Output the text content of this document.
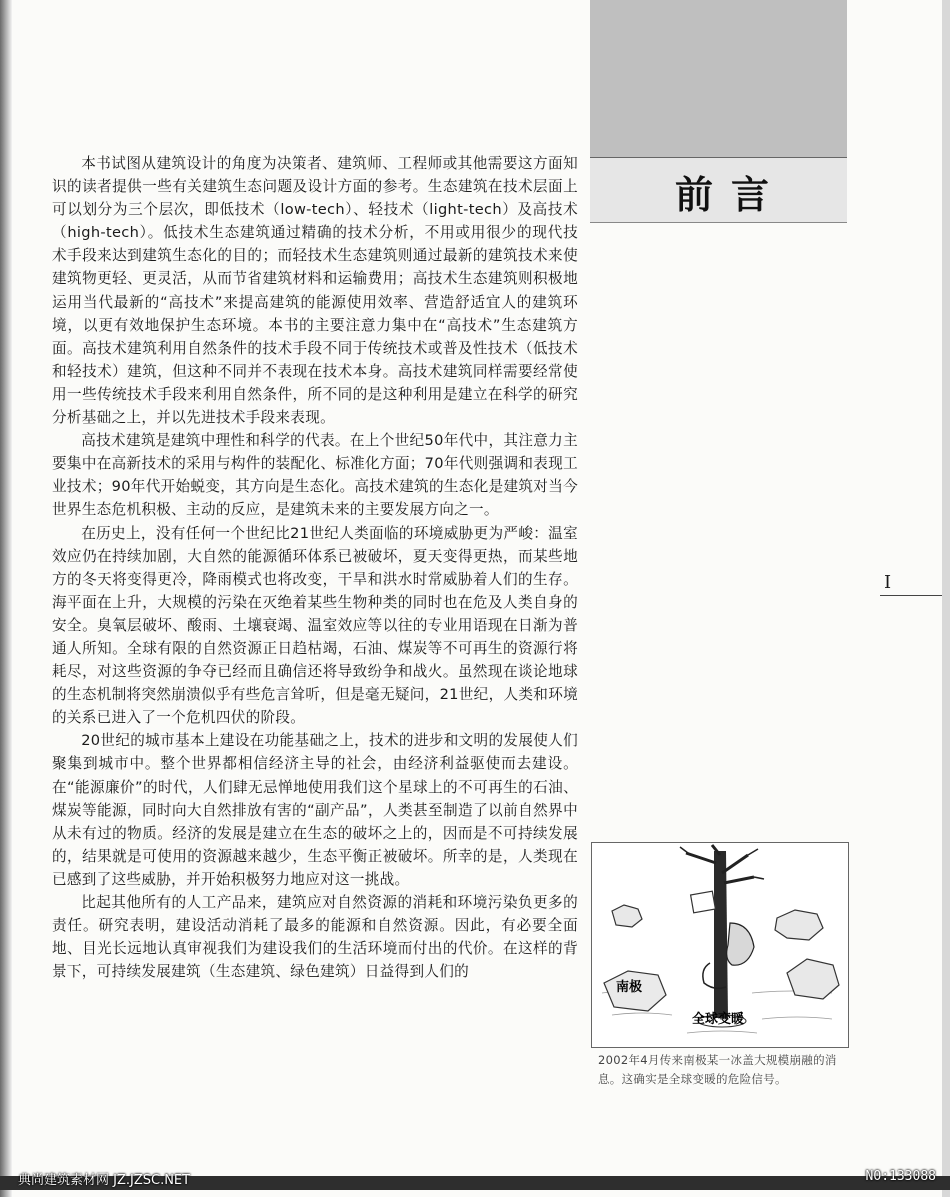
前言

本书试图从建筑设计的角度为决策者、建筑师、工程师或其他需要这方面知识的读者提供一些有关建筑生态问题及设计方面的参考。生态建筑在技术层面上可以划分为三个层次，即低技术（low-tech）、轻技术（light-tech）及高技术（high-tech）。低技术生态建筑通过精确的技术分析，不用或用很少的现代技术手段来达到建筑生态化的目的；而轻技术生态建筑则通过最新的建筑技术来使建筑物更轻、更灵活，从而节省建筑材料和运输费用；高技术生态建筑则积极地运用当代最新的“高技术”来提高建筑的能源使用效率、营造舒适宜人的建筑环境，以更有效地保护生态环境。本书的主要注意力集中在“高技术”生态建筑方面。高技术建筑利用自然条件的技术手段不同于传统技术或普及性技术（低技术和轻技术）建筑，但这种不同并不表现在技术本身。高技术建筑同样需要经常使用一些传统技术手段来利用自然条件，所不同的是这种利用是建立在科学的研究分析基础之上，并以先进技术手段来表现。

高技术建筑是建筑中理性和科学的代表。在上个世纪50年代中，其注意力主要集中在高新技术的采用与构件的装配化、标准化方面；70年代则强调和表现工业技术；90年代开始蜕变，其方向是生态化。高技术建筑的生态化是建筑对当今世界生态危机积极、主动的反应，是建筑未来的主要发展方向之一。

在历史上，没有任何一个世纪比21世纪人类面临的环境威胁更为严峻：温室效应仍在持续加剧，大自然的能源循环体系已被破坏，夏天变得更热，而某些地方的冬天将变得更冷，降雨模式也将改变，干旱和洪水时常威胁着人们的生存。海平面在上升，大规模的污染在灭绝着某些生物种类的同时也在危及人类自身的安全。臭氧层破坏、酸雨、土壤衰竭、温室效应等以往的专业用语现在日渐为普通人所知。全球有限的自然资源正日趋枯竭，石油、煤炭等不可再生的资源行将耗尽，对这些资源的争夺已经而且确信还将导致纷争和战火。虽然现在谈论地球的生态机制将突然崩溃似乎有些危言耸听，但是毫无疑问，21世纪，人类和环境的关系已进入了一个危机四伏的阶段。

20世纪的城市基本上建设在功能基础之上，技术的进步和文明的发展使人们聚集到城市中。整个世界都相信经济主导的社会，由经济利益驱使而去建设。在“能源廉价”的时代，人们肆无忌惮地使用我们这个星球上的不可再生的石油、煤炭等能源，同时向大自然排放有害的“副产品”，人类甚至制造了以前自然界中从未有过的物质。经济的发展是建立在生态的破坏之上的，因而是不可持续发展的，结果就是可使用的资源越来越少，生态平衡正被破坏。所幸的是，人类现在已感到了这些威胁，并开始积极努力地应对这一挑战。

比起其他所有的人工产品来，建筑应对自然资源的消耗和环境污染负更多的责任。研究表明，建设活动消耗了最多的能源和自然资源。因此，有必要全面地、目光长远地认真审视我们为建设我们的生活环境而付出的代价。在这样的背景下，可持续发展建筑（生态建筑、绿色建筑）日益得到人们的

I
南极
全球变暖
2002年4月传来南极某一冰盖大规模崩融的消息。这确实是全球变暖的危险信号。
典尚建筑素材网 JZ.JZSC.NET	NO:133088
